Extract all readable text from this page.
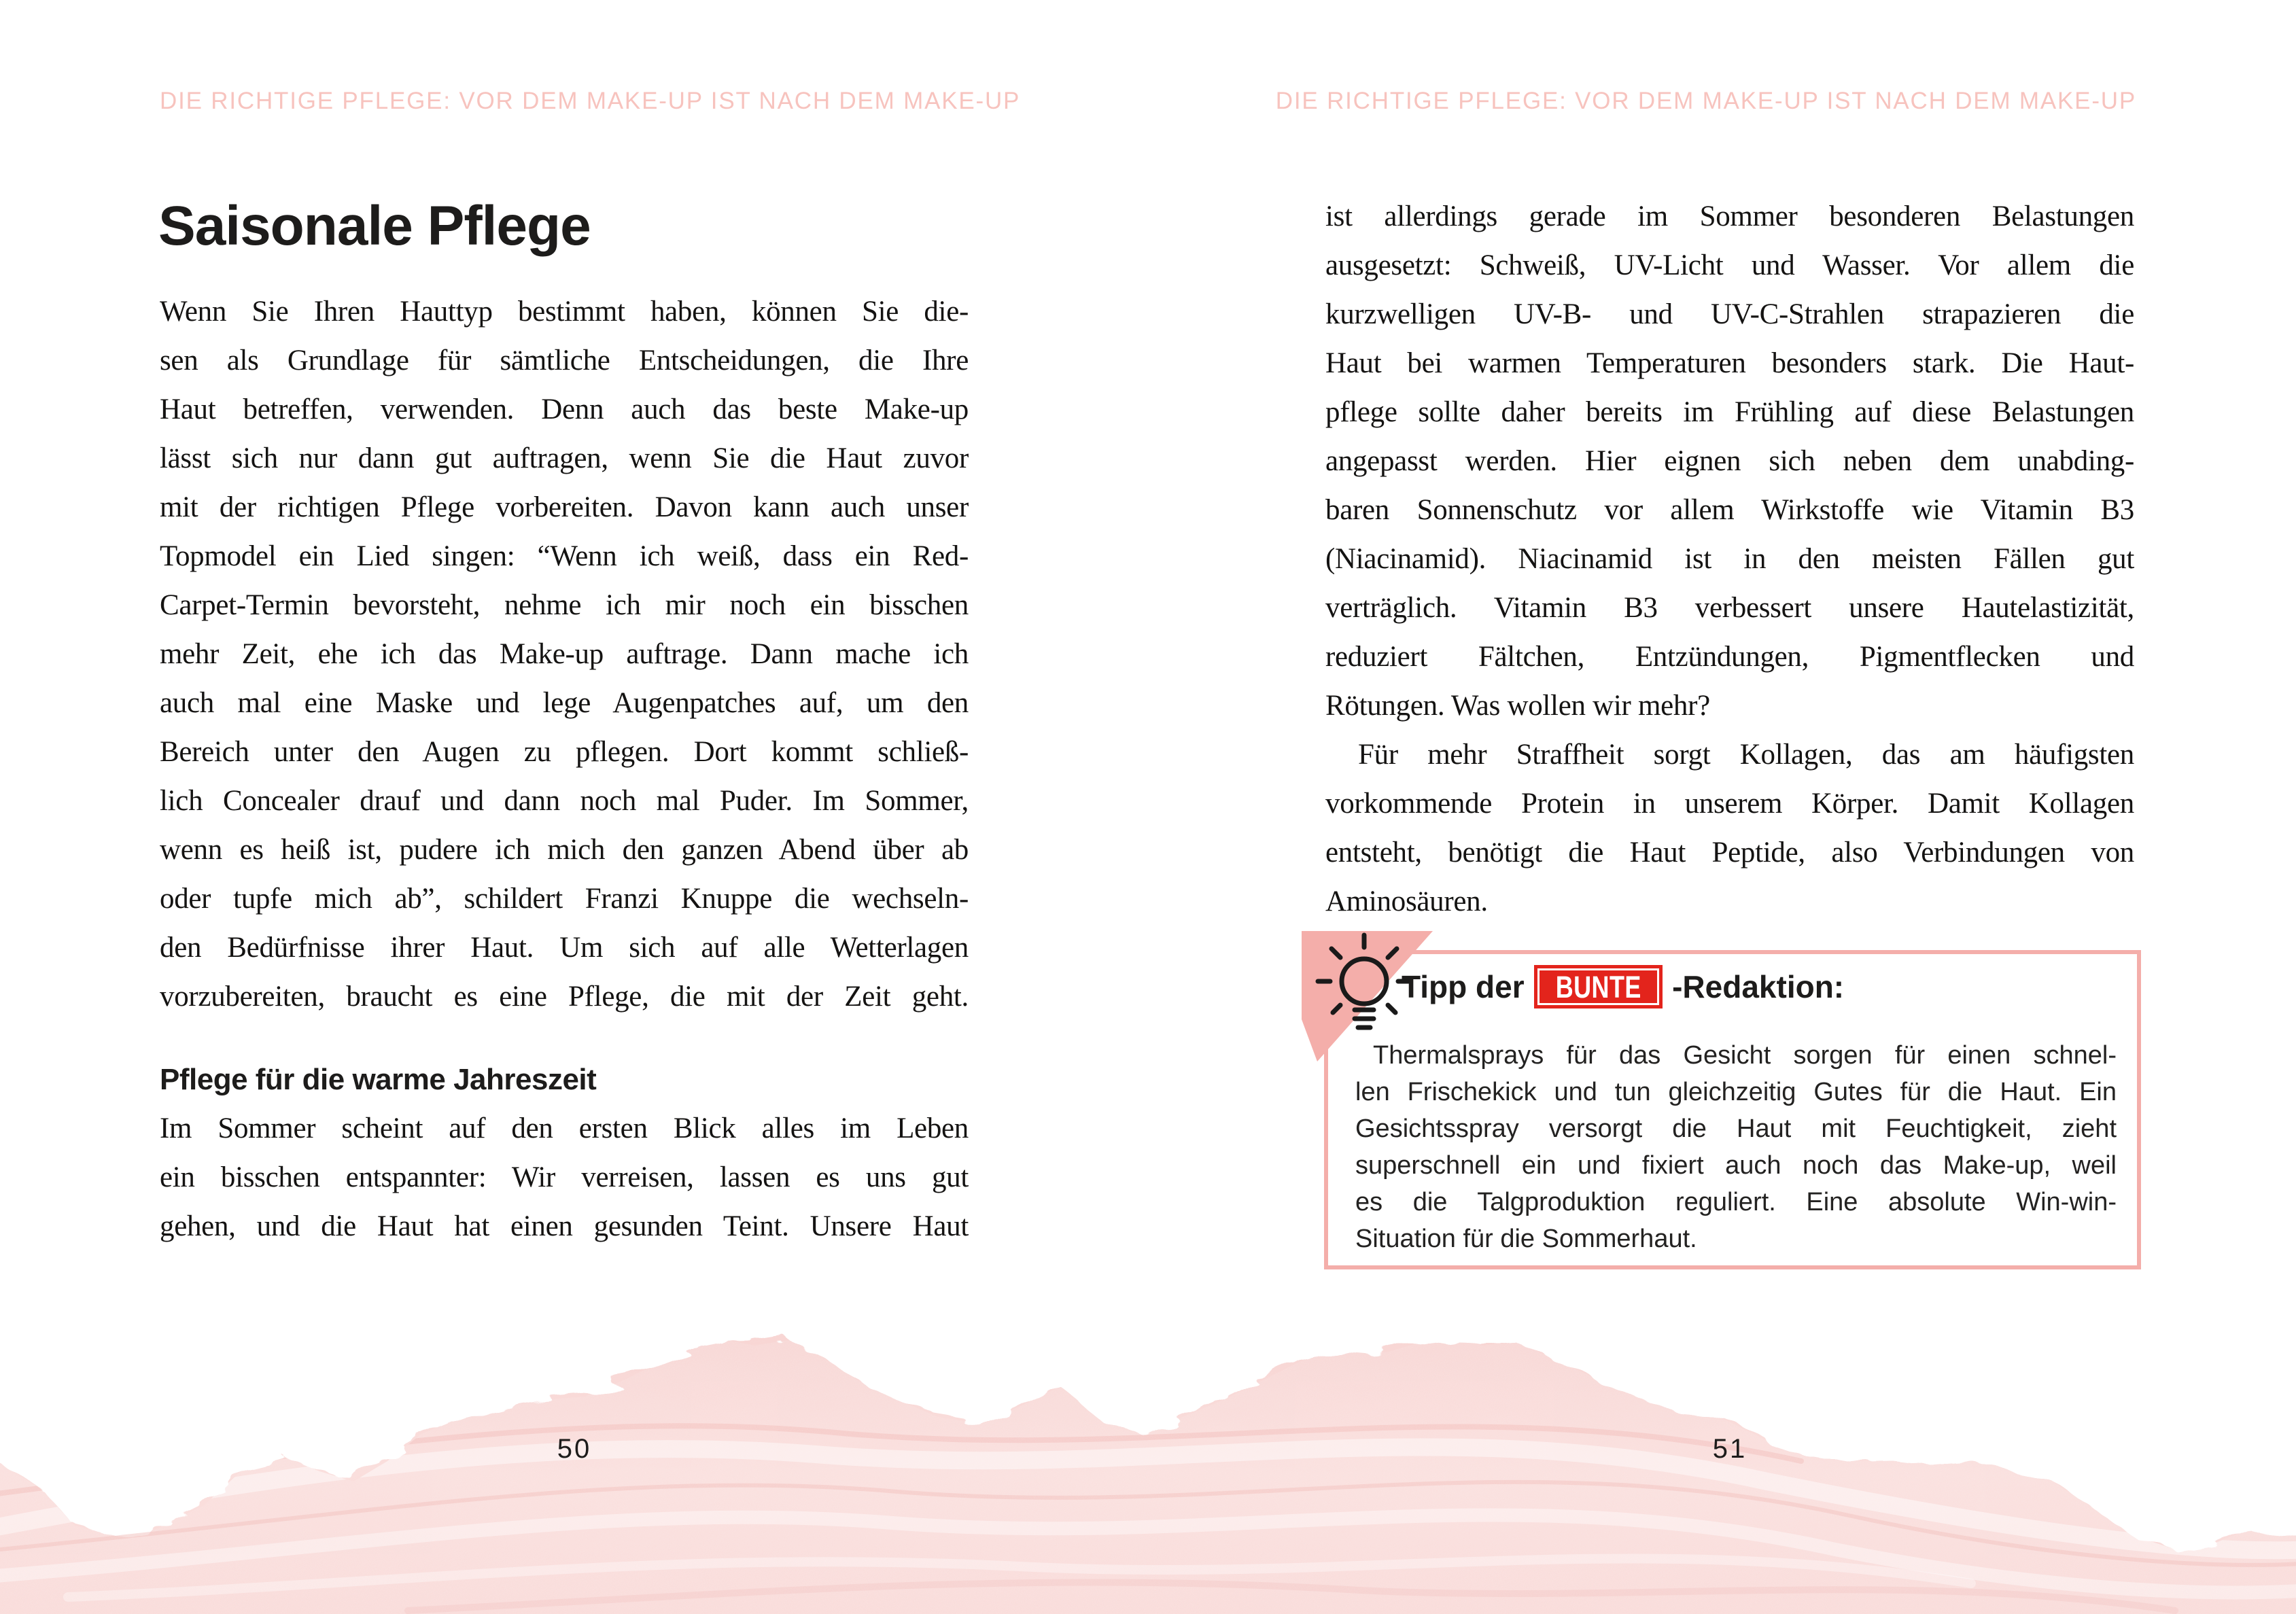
DIE RICHTIGE PFLEGE: VOR DEM MAKE-UP IST NACH DEM MAKE-UP
Saisonale Pflege
Wenn Sie Ihren Hauttyp bestimmt haben, können Sie die-
sen als Grundlage für sämtliche Entscheidungen, die Ihre
Haut betreffen, verwenden. Denn auch das beste Make-up
lässt sich nur dann gut auftragen, wenn Sie die Haut zuvor
mit der richtigen Pflege vorbereiten. Davon kann auch unser
Topmodel ein Lied singen: “Wenn ich weiß, dass ein Red-
Carpet-Termin bevorsteht, nehme ich mir noch ein bisschen
mehr Zeit, ehe ich das Make-up auftrage. Dann mache ich
auch mal eine Maske und lege Augenpatches auf, um den
Bereich unter den Augen zu pflegen. Dort kommt schließ-
lich Concealer drauf und dann noch mal Puder. Im Sommer,
wenn es heiß ist, pudere ich mich den ganzen Abend über ab
oder tupfe mich ab”, schildert Franzi Knuppe die wechseln-
den Bedürfnisse ihrer Haut. Um sich auf alle Wetterlagen
vorzubereiten, braucht es eine Pflege, die mit der Zeit geht.
Pflege für die warme Jahreszeit
Im Sommer scheint auf den ersten Blick alles im Leben
ein bisschen entspannter: Wir verreisen, lassen es uns gut
gehen, und die Haut hat einen gesunden Teint. Unsere Haut
50
DIE RICHTIGE PFLEGE: VOR DEM MAKE-UP IST NACH DEM MAKE-UP
ist allerdings gerade im Sommer besonderen Belastungen
ausgesetzt: Schweiß, UV-Licht und Wasser. Vor allem die
kurzwelligen UV-B- und UV-C-Strahlen strapazieren die
Haut bei warmen Temperaturen besonders stark. Die Haut-
pflege sollte daher bereits im Frühling auf diese Belastungen
angepasst werden. Hier eignen sich neben dem unabding-
baren Sonnenschutz vor allem Wirkstoffe wie Vitamin B3
(Niacinamid). Niacinamid ist in den meisten Fällen gut
verträglich. Vitamin B3 verbessert unsere Hautelastizität,
reduziert Fältchen, Entzündungen, Pigmentflecken und
Rötungen. Was wollen wir mehr?
Für mehr Straffheit sorgt Kollagen, das am häufigsten
vorkommende Protein in unserem Körper. Damit Kollagen
entsteht, benötigt die Haut Peptide, also Verbindungen von
Aminosäuren.
Tipp der BUNTE -Redaktion:
Thermalsprays für das Gesicht sorgen für einen schnel-
len Frischekick und tun gleichzeitig Gutes für die Haut. Ein
Gesichtsspray versorgt die Haut mit Feuchtigkeit, zieht
superschnell ein und fixiert auch noch das Make-up, weil
es die Talgproduktion reguliert. Eine absolute Win-win-
Situation für die Sommerhaut.
51
